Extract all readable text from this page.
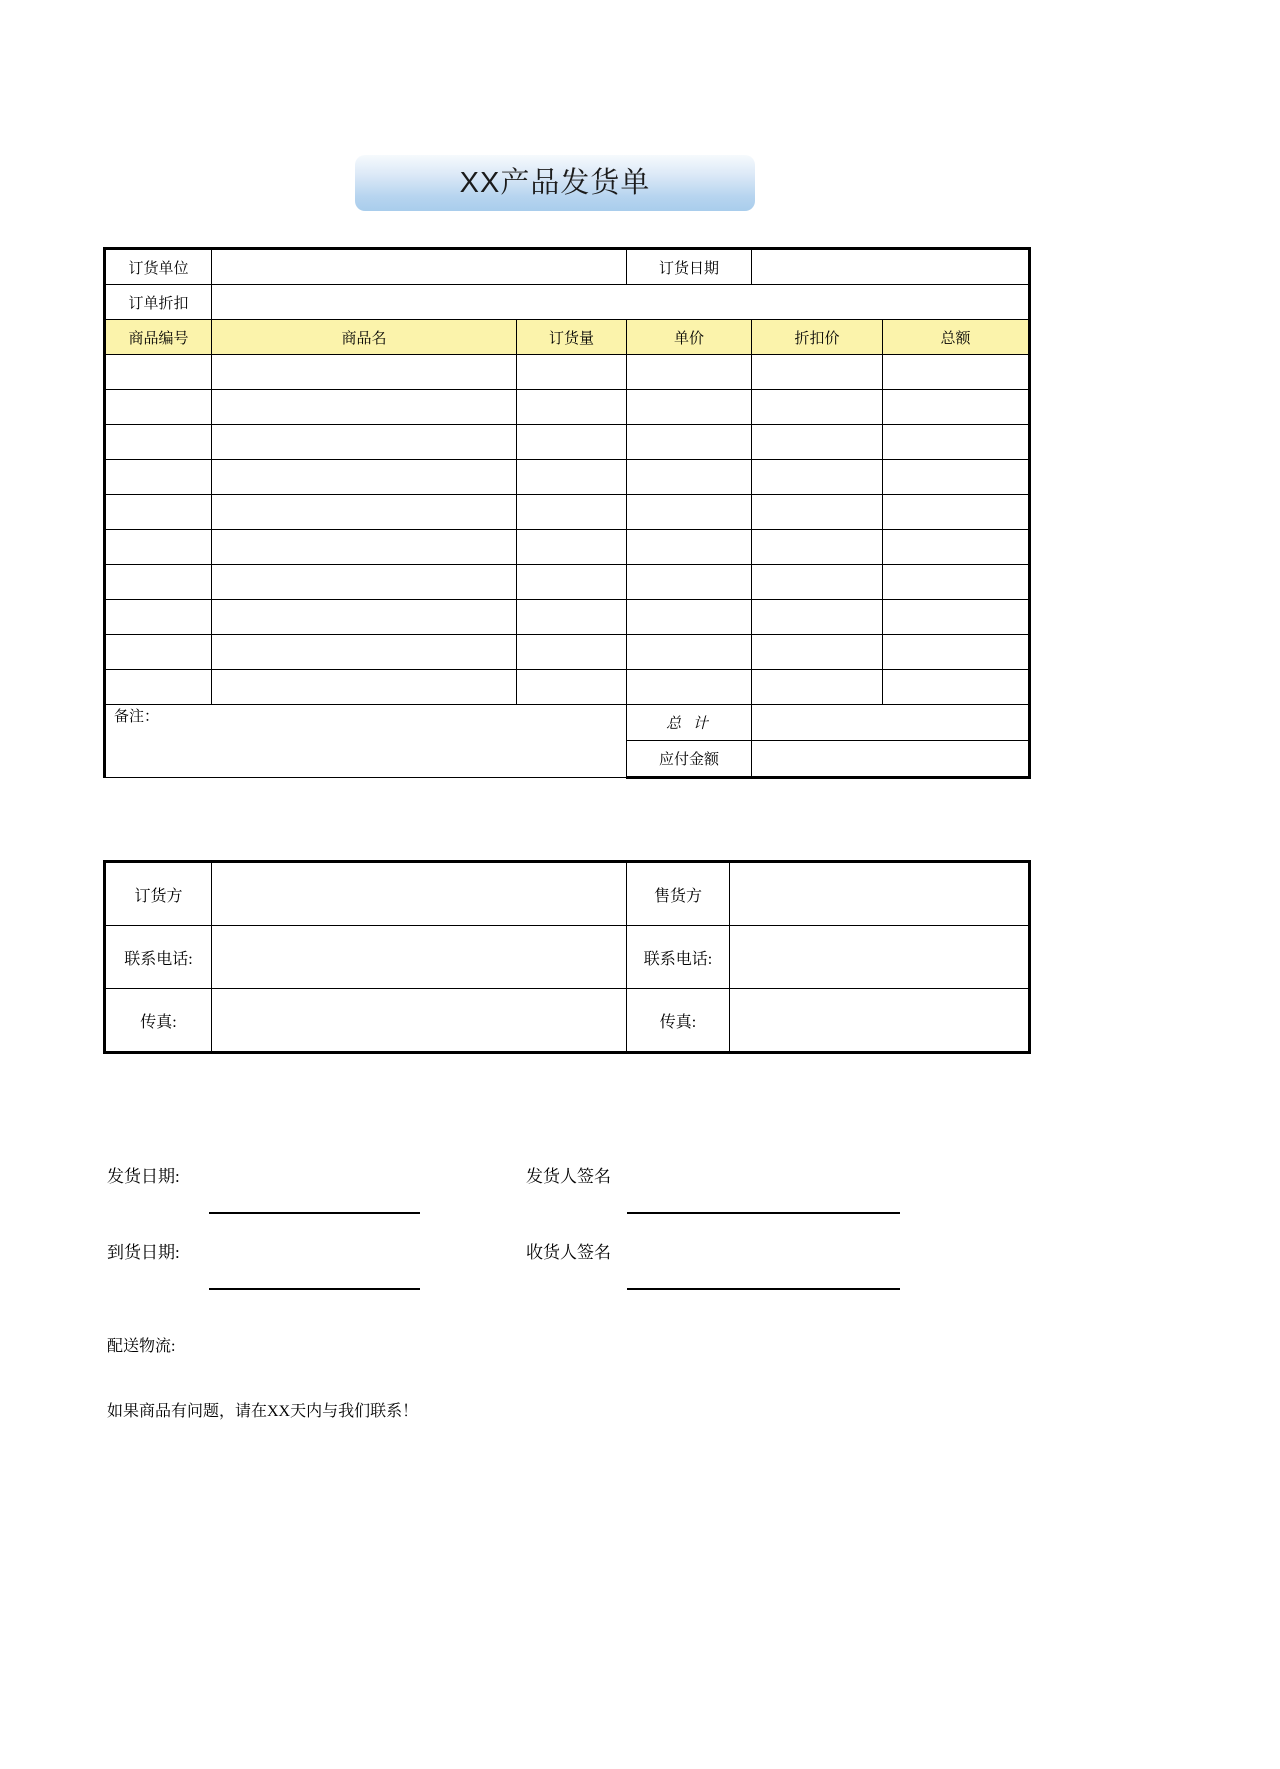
XX产品发货单
订货单位			订货日期		
订单折扣					
商品编号	商品名	订货量	单价	折扣价	总额

备注：			总 计		
			应付金额		
订货方		售货方	
联系电话:		联系电话:	
传真:		传真:	
发货日期:	发货人签名
到货日期:	收货人签名
配送物流:
如果商品有问题，请在XX天内与我们联系！
